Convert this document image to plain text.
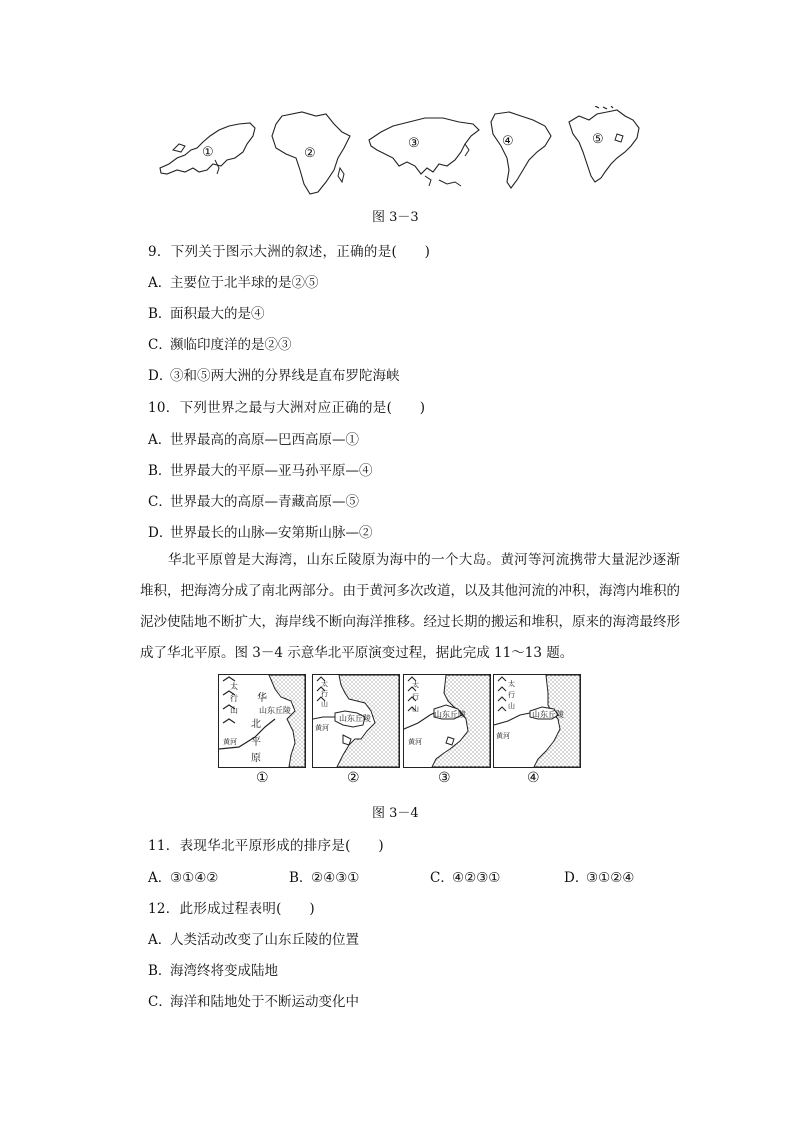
①	②
③	④	⑤
图 3－3
9．下列关于图示大洲的叙述，正确的是(　　)
A．主要位于北半球的是②⑤
B．面积最大的是④
C．濒临印度洋的是②③
D．③和⑤两大洲的分界线是直布罗陀海峡
10．下列世界之最与大洲对应正确的是(　　)
A．世界最高的高原—巴西高原—①
B．世界最大的平原—亚马孙平原—④
C．世界最大的高原—青藏高原—⑤
D．世界最长的山脉—安第斯山脉—②

华北平原曾是大海湾，山东丘陵原为海中的一个大岛。黄河等河流携带大量泥沙逐渐堆积，把海湾分成了南北两部分。由于黄河多次改道，以及其他河流的冲积，海湾内堆积的泥沙使陆地不断扩大，海岸线不断向海洋推移。经过长期的搬运和堆积，原来的海湾最终形成了华北平原。图 3－4 示意华北平原演变过程，据此完成 11～13 题。

太行山
华
北
平
原
山东丘陵
黄河
太行山
山东丘陵
黄河
太行山
山东丘陵
黄河
太行山
山东丘陵
黄河
①	②	③	④
图 3－4
11．表现华北平原形成的排序是(　　)
A．③①④②	B．②④③①	C．④②③①	D．③①②④
12．此形成过程表明(　　)
A．人类活动改变了山东丘陵的位置
B．海湾终将变成陆地
C．海洋和陆地处于不断运动变化中
